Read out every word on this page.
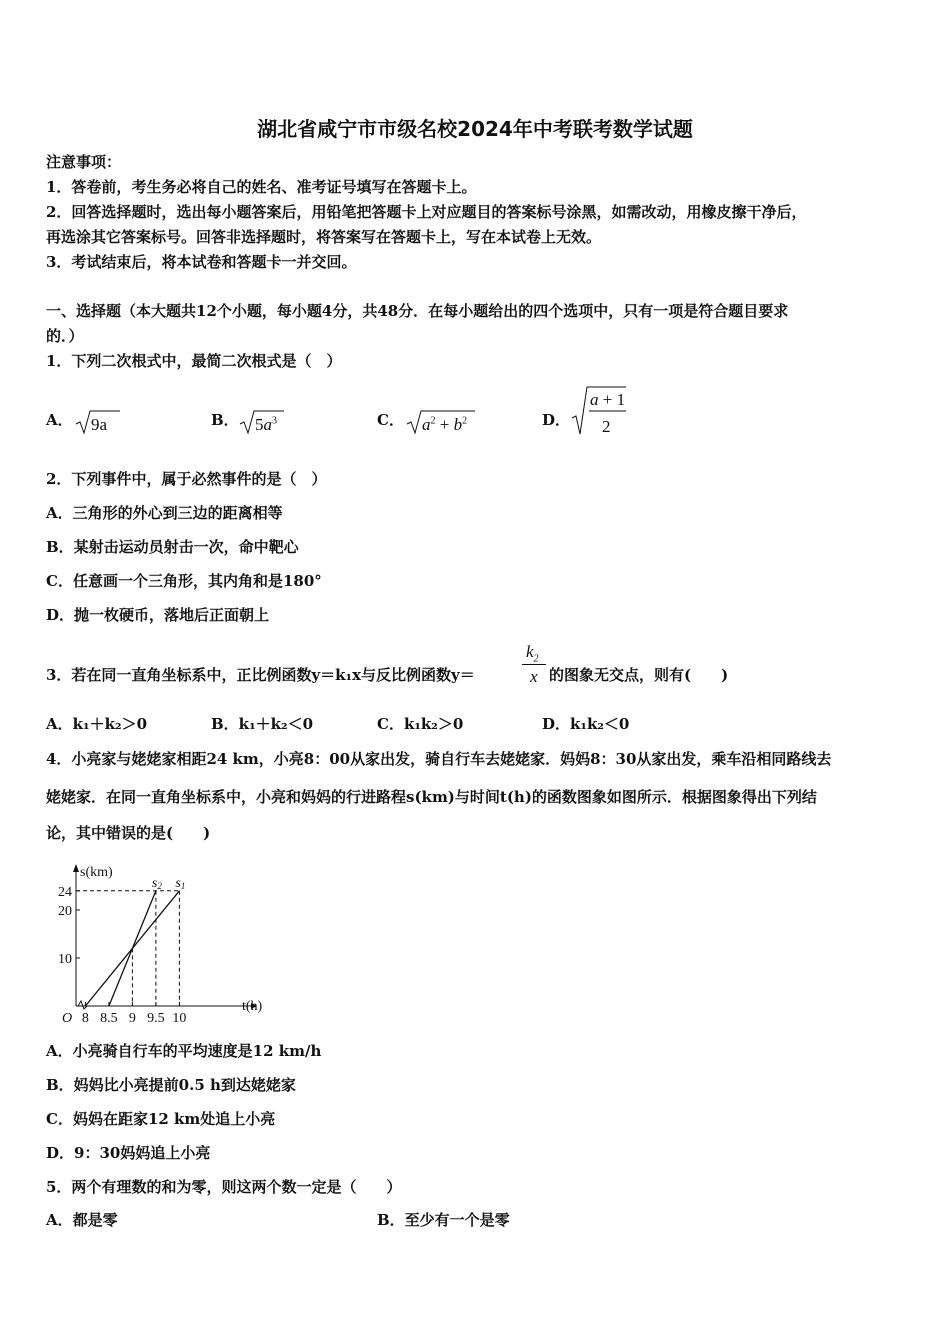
湖北省咸宁市市级名校2024年中考联考数学试题
注意事项：
1．答卷前，考生务必将自己的姓名、准考证号填写在答题卡上。
2．回答选择题时，选出每小题答案后，用铅笔把答题卡上对应题目的答案标号涂黑，如需改动，用橡皮擦干净后，
再选涂其它答案标号。回答非选择题时，将答案写在答题卡上，写在本试卷上无效。
3．考试结束后，将本试卷和答题卡一并交回。
一、选择题（本大题共12个小题，每小题4分，共48分．在每小题给出的四个选项中，只有一项是符合题目要求
的．）
1．下列二次根式中，最简二次根式是（　）
A．	B．	C．	D．
9a	$5a^3$	$a^2 + b^2$
a + 1
2
2．下列事件中，属于必然事件的是（　）
A．三角形的外心到三边的距离相等
B．某射击运动员射击一次，命中靶心
C．任意画一个三角形，其内角和是180°
D．抛一枚硬币，落地后正面朝上
3．若在同一直角坐标系中，正比例函数y＝k₁x与反比例函数y＝
$k_2$
x 的图象无交点，则有(　　)
A．k₁＋k₂＞0	B．k₁＋k₂＜0	C．k₁k₂＞0	D．k₁k₂＜0
4．小亮家与姥姥家相距24 km，小亮8：00从家出发，骑自行车去姥姥家．妈妈8：30从家出发，乘车沿相同路线去
姥姥家．在同一直角坐标系中，小亮和妈妈的行进路程s(km)与时间t(h)的函数图象如图所示．根据图象得出下列结
论，其中错误的是(　　)
8 8.5 9 9.5 10
10
20
24
s1
s2
s(km)
t(h)
O
A．小亮骑自行车的平均速度是12 km/h
B．妈妈比小亮提前0.5 h到达姥姥家
C．妈妈在距家12 km处追上小亮
D．9：30妈妈追上小亮
5．两个有理数的和为零，则这两个数一定是（　　）
A．都是零	B．至少有一个是零
